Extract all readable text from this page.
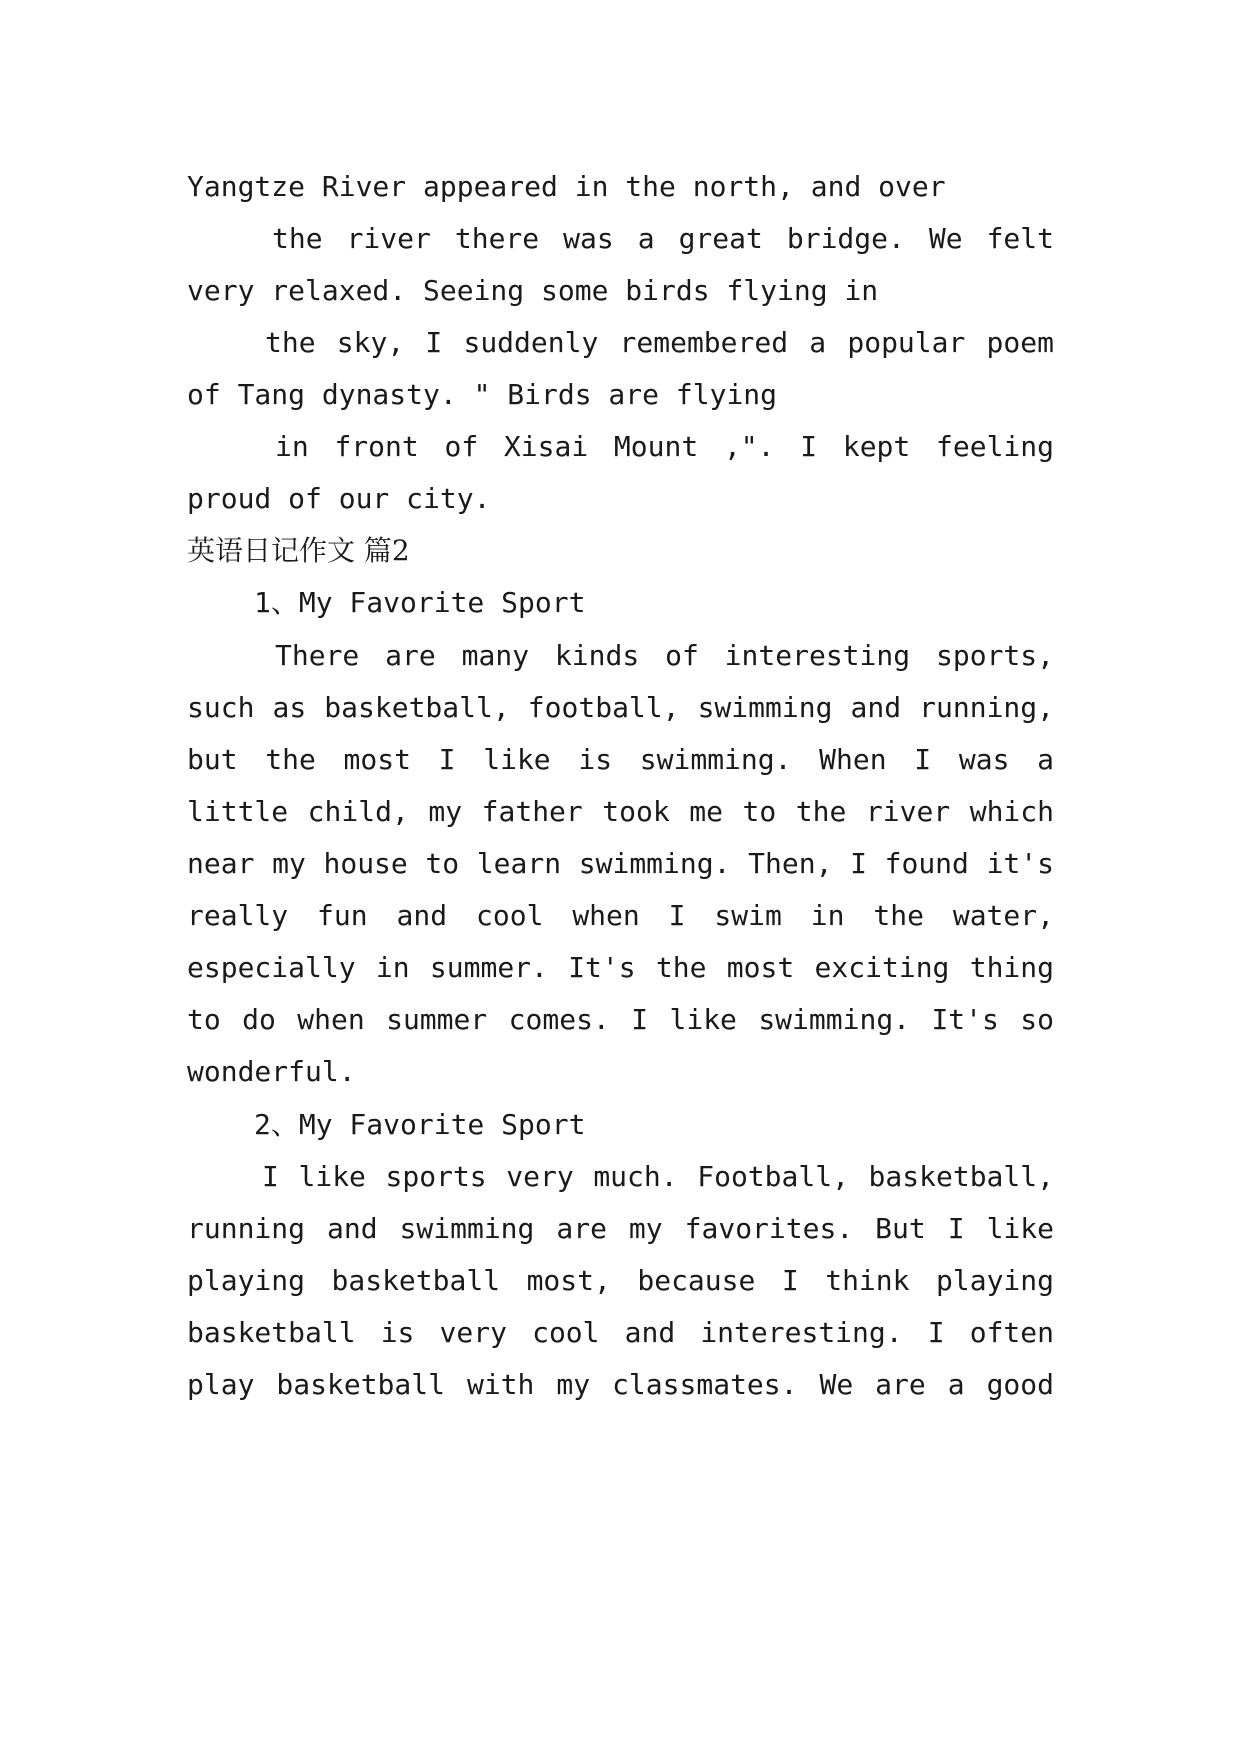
Yangtze River appeared in the north, and over
the river there was a great bridge. We felt
very relaxed. Seeing some birds flying in
the sky, I suddenly remembered a popular poem
of Tang dynasty. " Birds are flying
in front of Xisai Mount ,". I kept feeling
proud of our city.
英语日记作文 篇2
1、My Favorite Sport
There are many kinds of interesting sports,
such as basketball, football, swimming and running,
but the most I like is swimming. When I was a
little child, my father took me to the river which
near my house to learn swimming. Then, I found it's
really fun and cool when I swim in the water,
especially in summer. It's the most exciting thing
to do when summer comes. I like swimming. It's so
wonderful.
2、My Favorite Sport
I like sports very much. Football, basketball,
running and swimming are my favorites. But I like
playing basketball most, because I think playing
basketball is very cool and interesting. I often
play basketball with my classmates. We are a good
